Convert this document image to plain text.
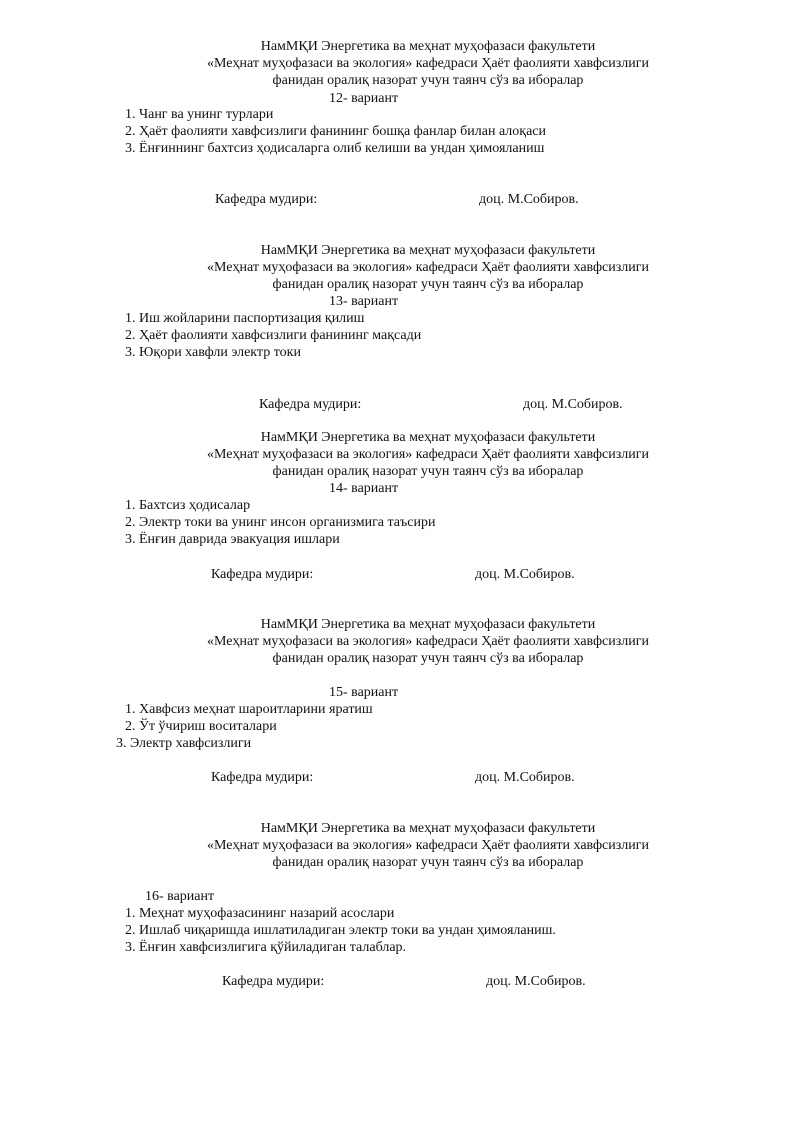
НамМҚИ Энергетика ва меҳнат муҳофазаси факультети
«Меҳнат муҳофазаси ва экология» кафедраси Ҳаёт фаолияти хавфсизлиги
фанидан оралиқ назорат учун таянч сўз ва иборалар
12- вариант
1. Чанг ва унинг турлари
2. Ҳаёт фаолияти хавфсизлиги фанининг бошқа фанлар билан алоқаси
3. Ёнғиннинг бахтсиз ҳодисаларга олиб келиши ва ундан ҳимояланиш
Кафедра мудири:	доц. М.Собиров.
НамМҚИ Энергетика ва меҳнат муҳофазаси факультети
«Меҳнат муҳофазаси ва экология» кафедраси Ҳаёт фаолияти хавфсизлиги
фанидан оралиқ назорат учун таянч сўз ва иборалар
13- вариант
1. Иш жойларини паспортизация қилиш
2. Ҳаёт фаолияти хавфсизлиги фанининг мақсади
3. Юқори хавфли электр токи
Кафедра мудири:	доц. М.Собиров.
НамМҚИ Энергетика ва меҳнат муҳофазаси факультети
«Меҳнат муҳофазаси ва экология» кафедраси Ҳаёт фаолияти хавфсизлиги
фанидан оралиқ назорат учун таянч сўз ва иборалар
14- вариант
1. Бахтсиз ҳодисалар
2. Электр токи ва унинг инсон организмига таъсири
3. Ёнғин даврида эвакуация ишлари
Кафедра мудири:	доц. М.Собиров.
НамМҚИ Энергетика ва меҳнат муҳофазаси факультети
«Меҳнат муҳофазаси ва экология» кафедраси Ҳаёт фаолияти хавфсизлиги
фанидан оралиқ назорат учун таянч сўз ва иборалар
15- вариант
1. Хавфсиз меҳнат шароитларини яратиш
2. Ўт ўчириш воситалари
3. Электр хавфсизлиги
Кафедра мудири:	доц. М.Собиров.
НамМҚИ Энергетика ва меҳнат муҳофазаси факультети
«Меҳнат муҳофазаси ва экология» кафедраси Ҳаёт фаолияти хавфсизлиги
фанидан оралиқ назорат учун таянч сўз ва иборалар
16- вариант
1. Меҳнат муҳофазасининг назарий асослари
2. Ишлаб чиқаришда ишлатиладиган электр токи ва ундан ҳимояланиш.
3. Ёнғин хавфсизлигига қўйиладиган талаблар.
Кафедра мудири:	доц. М.Собиров.
